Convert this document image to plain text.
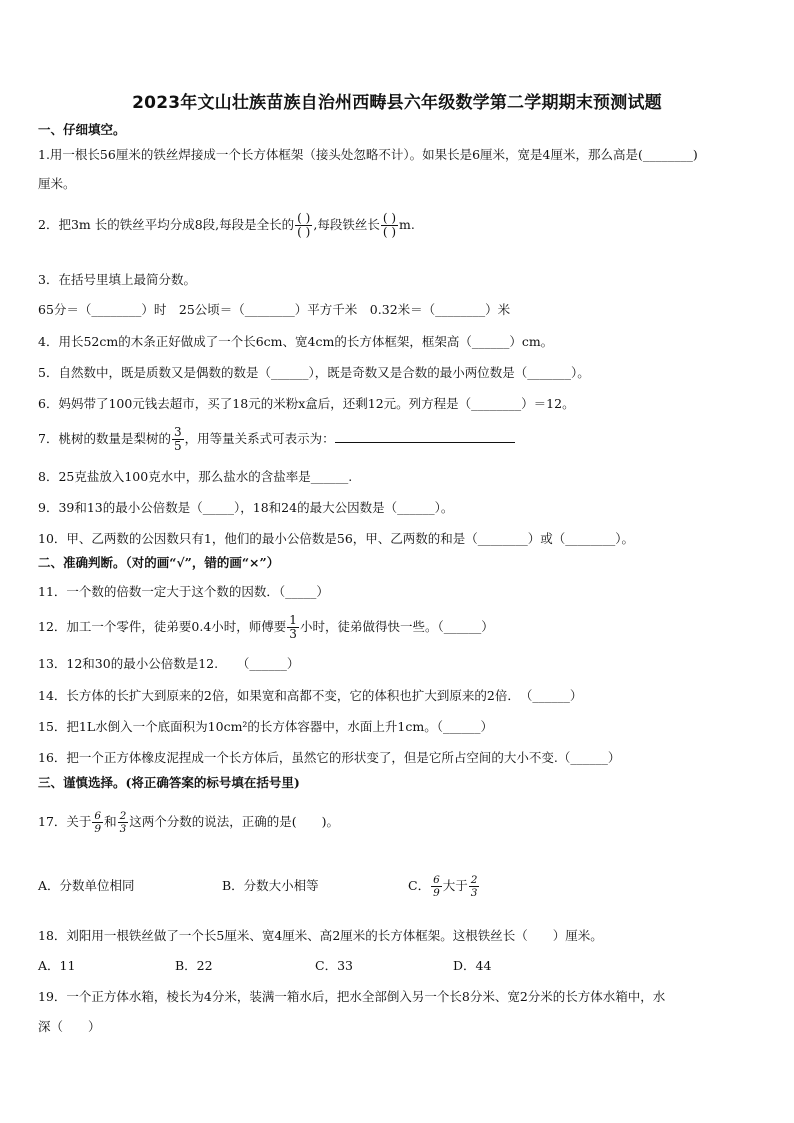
2023年文山壮族苗族自治州西畴县六年级数学第二学期期末预测试题
一、仔细填空。
1.用一根长56厘米的铁丝焊接成一个长方体框架（接头处忽略不计）。如果长是6厘米，宽是4厘米，那么高是(________)
厘米。
2．把3m 长的铁丝平均分成8段,每段是全长的 $\frac{( )}{( )}$ ,每段铁丝长 $\frac{( )}{( )} m$.
3．在括号里填上最简分数。
65分＝（________）时　25公顷＝（________）平方千米　0.32米＝（________）米
4．用长52cm的木条正好做成了一个长6cm、宽4cm的长方体框架，框架高（______）cm。
5．自然数中，既是质数又是偶数的数是（______），既是奇数又是合数的最小两位数是（_______）。
6．妈妈带了100元钱去超市，买了18元的米粉x盒后，还剩12元。列方程是（________）＝12。
7．桃树的数量是梨树的 $\frac{3}{5}$ ，用等量关系式可表示为：
8．25克盐放入100克水中，那么盐水的含盐率是______.
9．39和13的最小公倍数是（_____），18和24的最大公因数是（______）。
10．甲、乙两数的公因数只有1，他们的最小公倍数是56，甲、乙两数的和是（________）或（________）。
二、准确判断。（对的画“√”，错的画“×”）
11．一个数的倍数一定大于这个数的因数．（_____）
12．加工一个零件，徒弟要0.4小时，师傅要 $\frac{1}{3}$ 小时，徒弟做得快一些。（______）
13．12和30的最小公倍数是12.　　（______）
14．长方体的长扩大到原来的2倍，如果宽和高都不变，它的体积也扩大到原来的2倍．　（______）
15．把1L水倒入一个底面积为10cm²的长方体容器中，水面上升1cm。（______）
16．把一个正方体橡皮泥捏成一个长方体后，虽然它的形状变了，但是它所占空间的大小不变.（______）
三、谨慎选择。(将正确答案的标号填在括号里)
17．关于 $\frac{6}{9}$ 和 $\frac{2}{3}$ 这两个分数的说法，正确的是(　　)。
A．分数单位相同	B．分数大小相等	C． $\frac{6}{9}$ 大于 $\frac{2}{3}$
18．刘阳用一根铁丝做了一个长5厘米、宽4厘米、高2厘米的长方体框架。这根铁丝长（　　）厘米。
A．11	B．22	C．33	D．44
19．一个正方体水箱，棱长为4分米，装满一箱水后，把水全部倒入另一个长8分米、宽2分米的长方体水箱中，水
深（　　）
